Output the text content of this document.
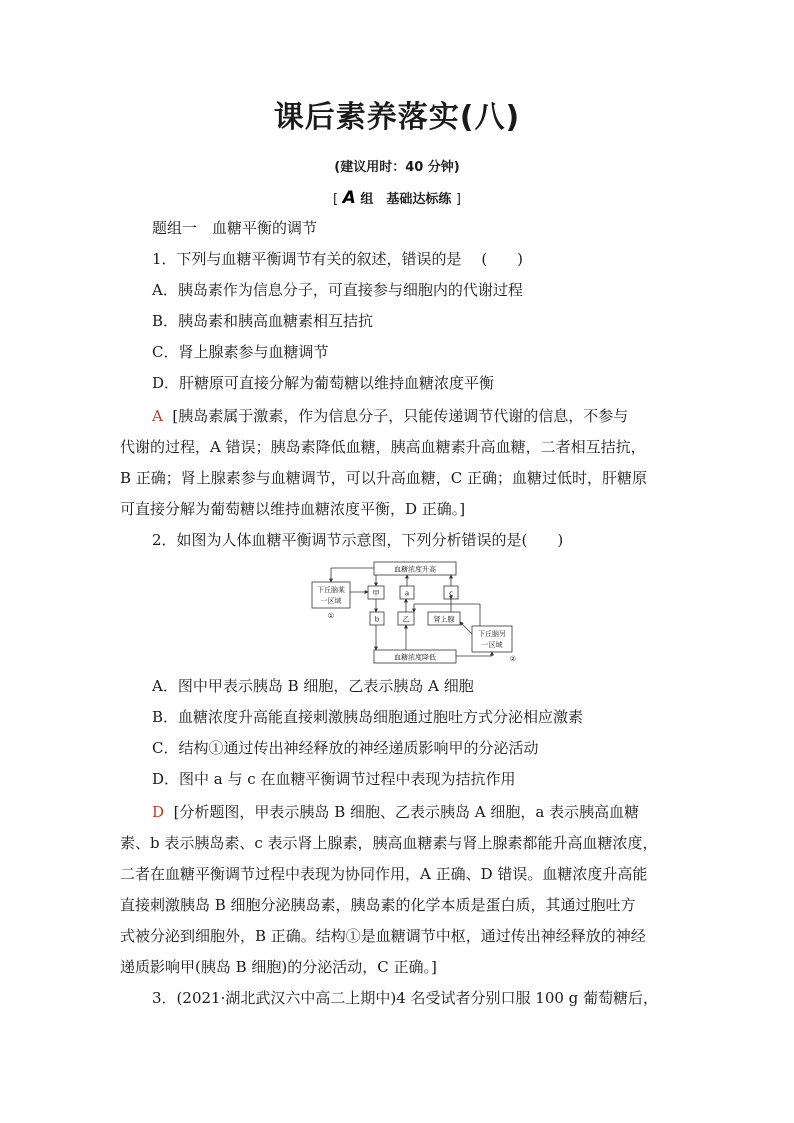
课后素养落实(八)
(建议用时：40 分钟)
[ A 组　基础达标练 ]
题组一　血糖平衡的调节
1．下列与血糖平衡调节有关的叙述，错误的是　 (　　)
A．胰岛素作为信息分子，可直接参与细胞内的代谢过程
B．胰岛素和胰高血糖素相互拮抗
C．肾上腺素参与血糖调节
D．肝糖原可直接分解为葡萄糖以维持血糖浓度平衡
A [胰岛素属于激素，作为信息分子，只能传递调节代谢的信息，不参与
代谢的过程，A 错误；胰岛素降低血糖，胰高血糖素升高血糖，二者相互拮抗，
B 正确；肾上腺素参与血糖调节，可以升高血糖，C 正确；血糖过低时，肝糖原
可直接分解为葡萄糖以维持血糖浓度平衡，D 正确。]
2．如图为人体血糖平衡调节示意图，下列分析错误的是(　　)
血糖浓度升高
血糖浓度降低
下丘脑某
一区域
①
下丘脑另
一区域
②
甲	a	c
b	乙	肾上腺
A．图中甲表示胰岛 B 细胞，乙表示胰岛 A 细胞
B．血糖浓度升高能直接刺激胰岛细胞通过胞吐方式分泌相应激素
C．结构①通过传出神经释放的神经递质影响甲的分泌活动
D．图中 a 与 c 在血糖平衡调节过程中表现为拮抗作用
D [分析题图，甲表示胰岛 B 细胞、乙表示胰岛 A 细胞，a 表示胰高血糖
素、b 表示胰岛素、c 表示肾上腺素，胰高血糖素与肾上腺素都能升高血糖浓度，
二者在血糖平衡调节过程中表现为协同作用，A 正确、D 错误。血糖浓度升高能
直接刺激胰岛 B 细胞分泌胰岛素，胰岛素的化学本质是蛋白质，其通过胞吐方
式被分泌到细胞外，B 正确。结构①是血糖调节中枢，通过传出神经释放的神经
递质影响甲(胰岛 B 细胞)的分泌活动，C 正确。]
3．(2021·湖北武汉六中高二上期中)4 名受试者分别口服 100 g 葡萄糖后，
